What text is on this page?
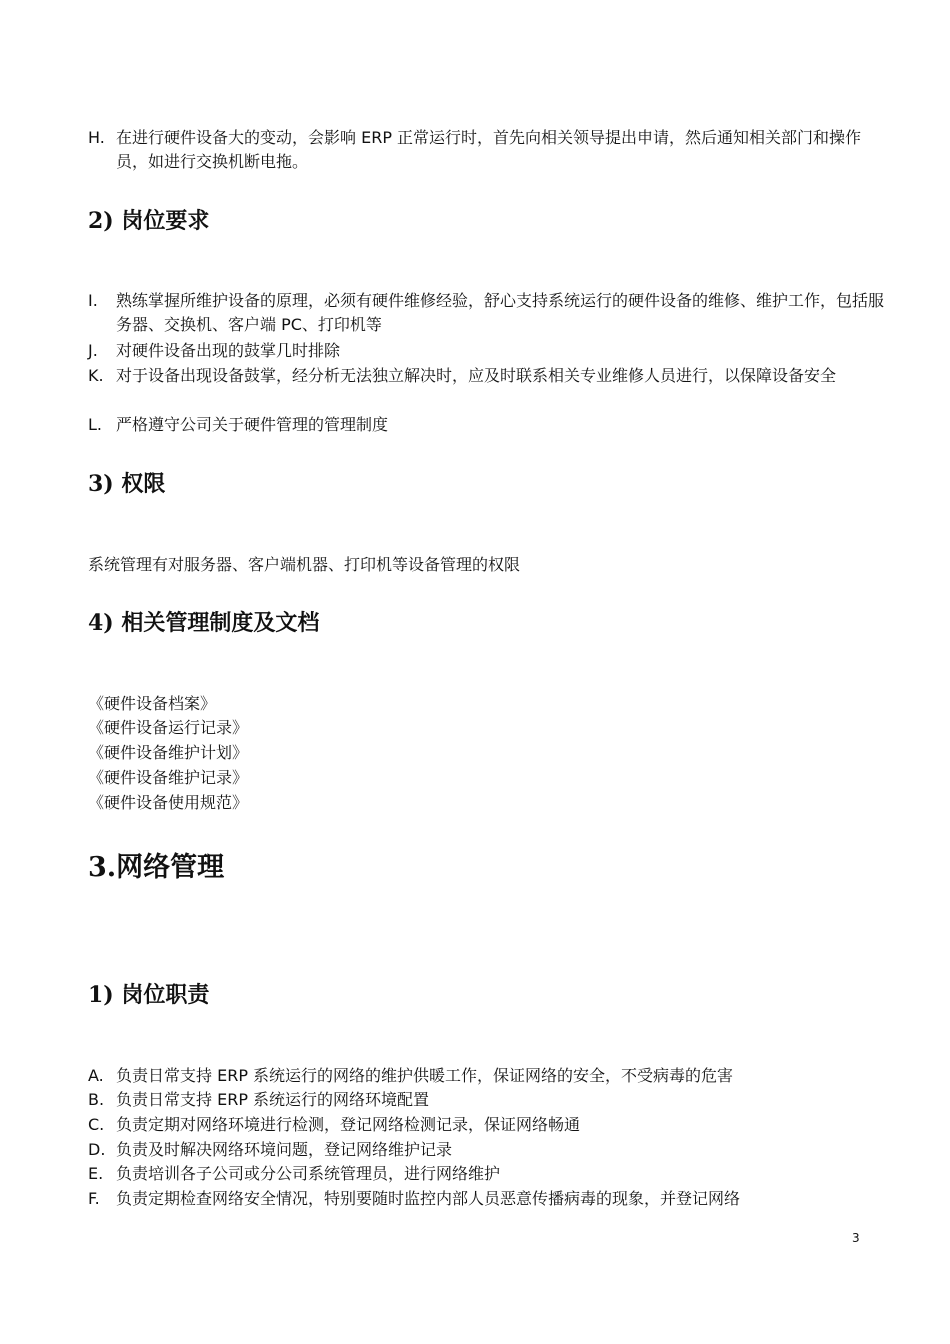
H. 在进行硬件设备大的变动，会影响 ERP 正常运行时，首先向相关领导提出申请，然后通知相关部门和操作员，如进行交换机断电拖。
2) 岗位要求
I.	熟练掌握所维护设备的原理，必须有硬件维修经验，舒心支持系统运行的硬件设备的维修、维护工作，包括服务器、交换机、客户端 PC、打印机等
J.	对硬件设备出现的鼓掌几时排除
K. 对于设备出现设备鼓掌，经分析无法独立解决时，应及时联系相关专业维修人员进行，以保障设备安全
L. 严格遵守公司关于硬件管理的管理制度
3) 权限
系统管理有对服务器、客户端机器、打印机等设备管理的权限
4) 相关管理制度及文档
《硬件设备档案》
《硬件设备运行记录》
《硬件设备维护计划》
《硬件设备维护记录》
《硬件设备使用规范》
3.网络管理
1) 岗位职责
A. 负责日常支持 ERP 系统运行的网络的维护供暖工作，保证网络的安全，不受病毒的危害
B. 负责日常支持 ERP 系统运行的网络环境配置
C. 负责定期对网络环境进行检测，登记网络检测记录，保证网络畅通
D. 负责及时解决网络环境问题，登记网络维护记录
E. 负责培训各子公司或分公司系统管理员，进行网络维护
F.	负责定期检查网络安全情况，特别要随时监控内部人员恶意传播病毒的现象，并登记网络
3
